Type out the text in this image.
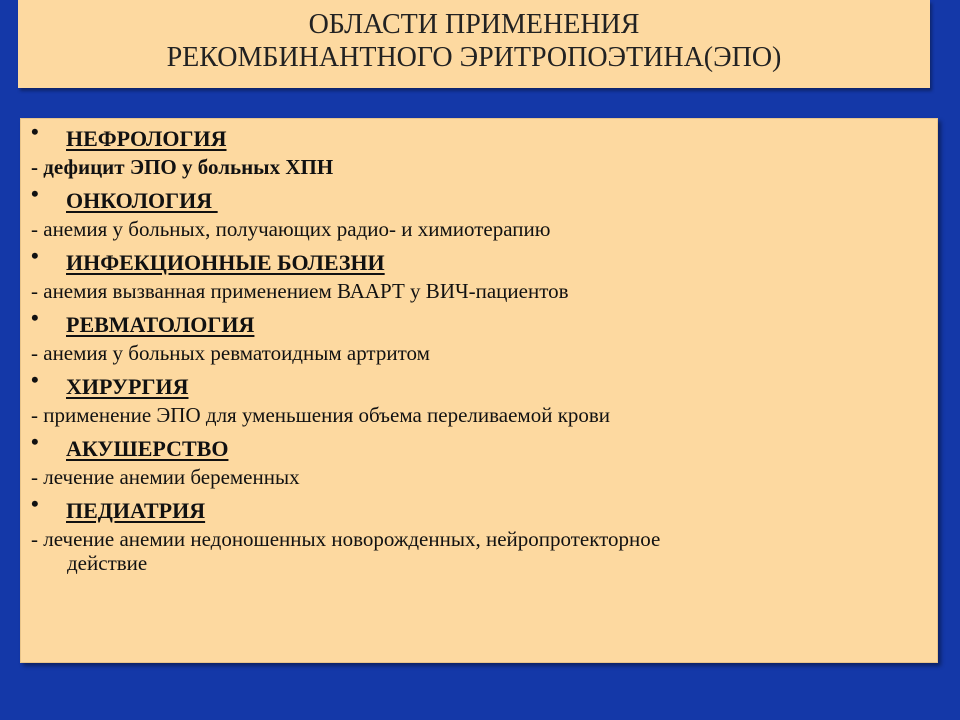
ОБЛАСТИ ПРИМЕНЕНИЯ
РЕКОМБИНАНТНОГО ЭРИТРОПОЭТИНА(ЭПО)
• НЕФРОЛОГИЯ
- дефицит ЭПО у больных ХПН
• ОНКОЛОГИЯ
- анемия у больных, получающих радио- и химиотерапию
• ИНФЕКЦИОННЫЕ БОЛЕЗНИ
- анемия вызванная применением ВААРТ у ВИЧ-пациентов
• РЕВМАТОЛОГИЯ
- анемия у больных ревматоидным артритом
• ХИРУРГИЯ
- применение ЭПО для уменьшения объема переливаемой крови
• АКУШЕРСТВО
- лечение анемии беременных
• ПЕДИАТРИЯ
- лечение анемии недоношенных новорожденных, нейропротекторное
действие
